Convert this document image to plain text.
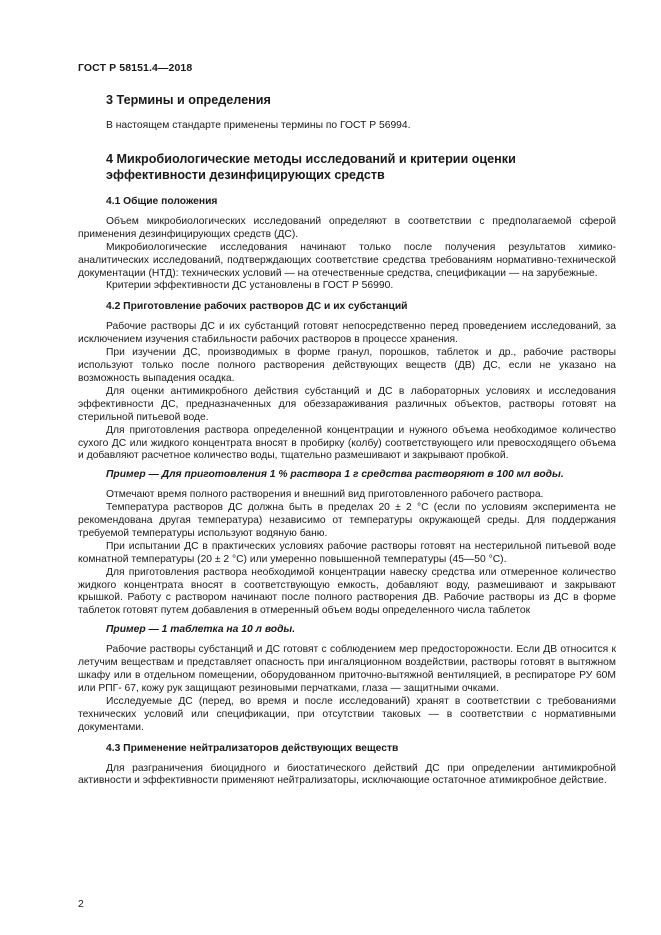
ГОСТ Р 58151.4—2018
3 Термины и определения

В настоящем стандарте применены термины по ГОСТ Р 56994.

4 Микробиологические методы исследований и критерии оценки эффективности дезинфицирующих средств
4.1 Общие положения

Объем микробиологических исследований определяют в соответствии с предполагаемой сферой применения дезинфицирующих средств (ДС).

Микробиологические исследования начинают только после получения результатов химико-аналитических исследований, подтверждающих соответствие средства требованиям нормативно-технической документации (НТД): технических условий — на отечественные средства, спецификации — на зарубежные.

Критерии эффективности ДС установлены в ГОСТ Р 56990.

4.2 Приготовление рабочих растворов ДС и их субстанций

Рабочие растворы ДС и их субстанций готовят непосредственно перед проведением исследований, за исключением изучения стабильности рабочих растворов в процессе хранения.

При изучении ДС, производимых в форме гранул, порошков, таблеток и др., рабочие растворы используют только после полного растворения действующих веществ (ДВ) ДС, если не указано на возможность выпадения осадка.

Для оценки антимикробного действия субстанций и ДС в лабораторных условиях и исследования эффективности ДС, предназначенных для обеззараживания различных объектов, растворы готовят на стерильной питьевой воде.

Для приготовления раствора определенной концентрации и нужного объема необходимое количество сухого ДС или жидкого концентрата вносят в пробирку (колбу) соответствующего или превосходящего объема и добавляют расчетное количество воды, тщательно размешивают и закрывают пробкой.

Пример — Для приготовления 1 % раствора 1 г средства растворяют в 100 мл воды.

Отмечают время полного растворения и внешний вид приготовленного рабочего раствора.

Температура растворов ДС должна быть в пределах 20 ± 2 °С (если по условиям эксперимента не рекомендована другая температура) независимо от температуры окружающей среды. Для поддержания требуемой температуры используют водяную баню.

При испытании ДС в практических условиях рабочие растворы готовят на нестерильной питьевой воде комнатной температуры (20 ± 2 °С) или умеренно повышенной температуры (45—50 °С).

Для приготовления раствора необходимой концентрации навеску средства или отмеренное количество жидкого концентрата вносят в соответствующую емкость, добавляют воду, размешивают и закрывают крышкой. Работу с раствором начинают после полного растворения ДВ. Рабочие растворы из ДС в форме таблеток готовят путем добавления в отмеренный объем воды определенного числа таблеток

Пример — 1 таблетка на 10 л воды.

Рабочие растворы субстанций и ДС готовят с соблюдением мер предосторожности. Если ДВ относится к летучим веществам и представляет опасность при ингаляционном воздействии, растворы готовят в вытяжном шкафу или в отдельном помещении, оборудованном приточно-вытяжной вентиляцией, в респираторе РУ 60М или РПГ- 67, кожу рук защищают резиновыми перчатками, глаза — защитными очками.

Исследуемые ДС (перед, во время и после исследований) хранят в соответствии с требованиями технических условий или спецификации, при отсутствии таковых — в соответствии с нормативными документами.

4.3 Применение нейтрализаторов действующих веществ

Для разграничения биоцидного и биостатического действий ДС при определении антимикробной активности и эффективности применяют нейтрализаторы, исключающие остаточное атимикробное действие.

2
